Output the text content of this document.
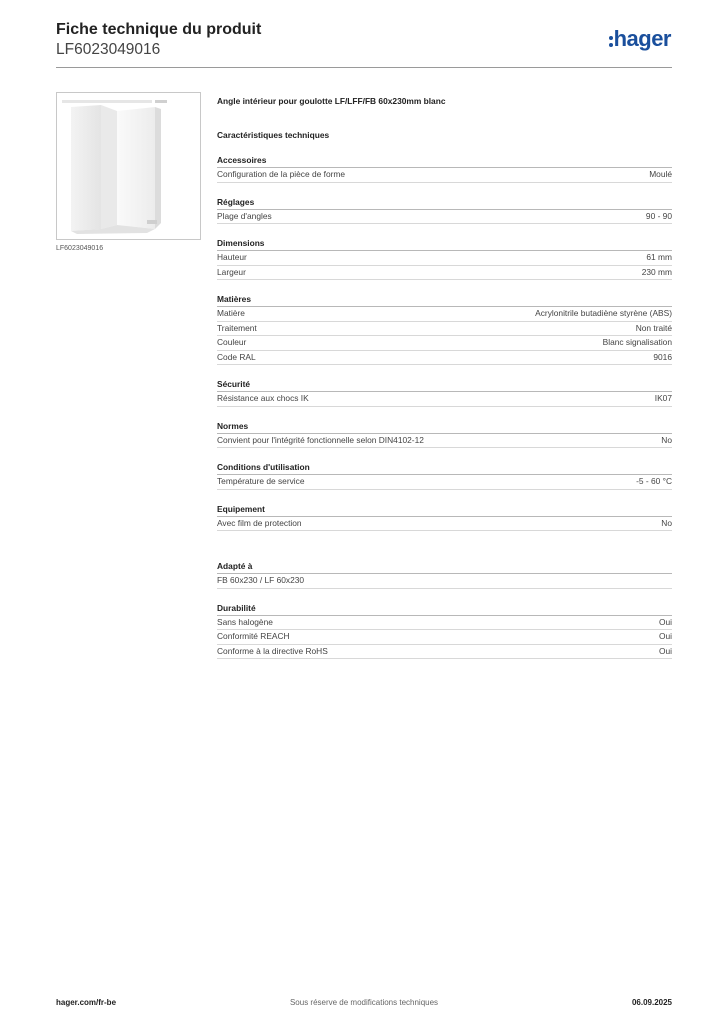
Fiche technique du produit
LF6023049016	hager
LF6023049016
Angle intérieur pour goulotte LF/LFF/FB 60x230mm blanc
Caractéristiques techniques
Accessoires
Configuration de la pièce de forme	Moulé
Réglages
Plage d'angles	90 - 90
Dimensions
Hauteur	61 mm
Largeur	230 mm
Matières
Matière	Acrylonitrile butadiène styrène (ABS)
Traitement	Non traité
Couleur	Blanc signalisation
Code RAL	9016
Sécurité
Résistance aux chocs IK	IK07
Normes
Convient pour l'intégrité fonctionnelle selon DIN4102-12	No
Conditions d'utilisation
Température de service	-5 - 60 °C
Equipement
Avec film de protection	No
Adapté à
FB 60x230 / LF 60x230
Durabilité
Sans halogène	Oui
Conformité REACH	Oui
Conforme à la directive RoHS	Oui
hager.com/fr-be	Sous réserve de modifications techniques	06.09.2025
